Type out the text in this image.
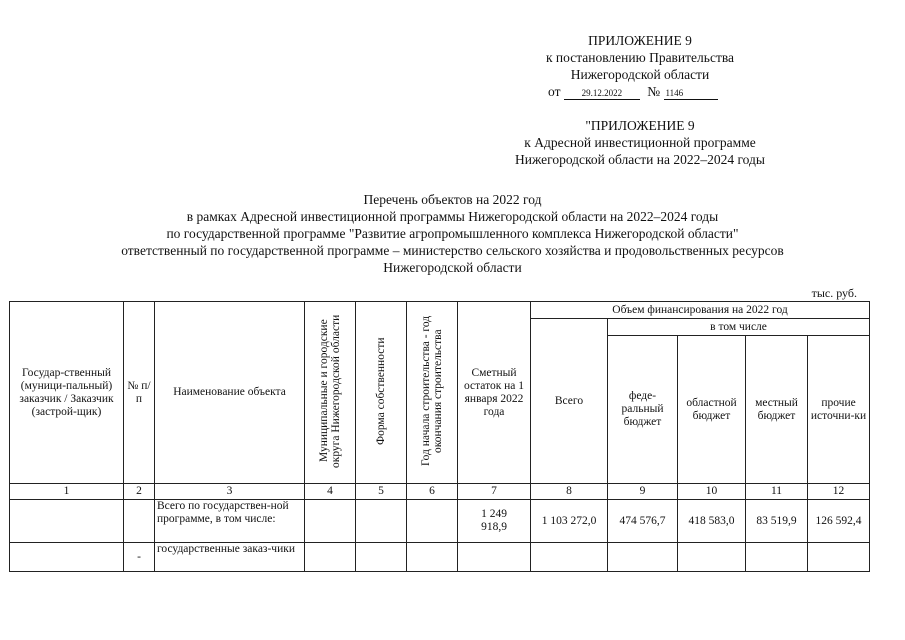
ПРИЛОЖЕНИЕ 9
к постановлению Правительства
Нижегородской области
от 29.12.2022 № 1146
"ПРИЛОЖЕНИЕ 9
к Адресной инвестиционной программе
Нижегородской области на 2022–2024 годы
Перечень объектов на 2022 год
в рамках Адресной инвестиционной программы Нижегородской области на 2022–2024 годы
по государственной программе "Развитие агропромышленного комплекса Нижегородской области"
ответственный по государственной программе – министерство сельского хозяйства и продовольственных ресурсов
Нижегородской области
тыс. руб.
Государ-ственный (муници-пальный) заказчик / Заказчик (застрой-щик)	№ п/п	Наименование объекта	Муниципальные и городские округа Нижегородской области	Форма собственности	Год начала строительства - год окончания строительства	Сметный остаток на 1 января 2022 года	Объем финансирования на 2022 год				
							Всего	в том числе			
								феде-ральный бюджет	областной бюджет	местный бюджет	прочие источни-ки
1	2	3	4	5	6	7	8	9	10	11	12
		Всего по государствен-ной программе, в том числе:				1 249 918,9	1 103 272,0	474 576,7	418 583,0	83 519,9	126 592,4
	-	государственные заказ-чики									
